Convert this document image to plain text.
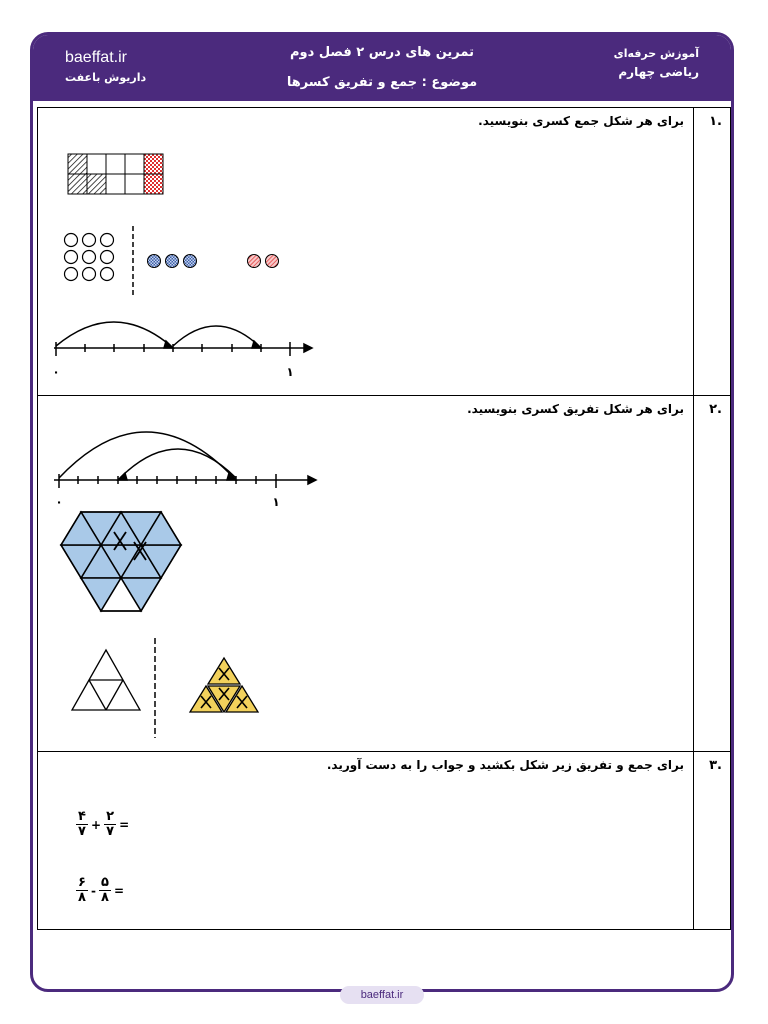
baeffat.ir
داریوش باعفت
تمرین های درس ۲ فصل دوم
موضوع : جمع و تفریق کسرها
آموزش حرفه‌ای
ریاضی چهارم
۱.
برای هر شکل جمع کسری بنویسید.
۰	۱
۲.
برای هر شکل تفریق کسری بنویسید.
۰	۱
۳.
برای جمع و تفریق زیر شکل بکشید و جواب را به دست آورید.
۴
۷ +
۲
۷ =
۶
۸ -
۵
۸ =
baeffat.ir
